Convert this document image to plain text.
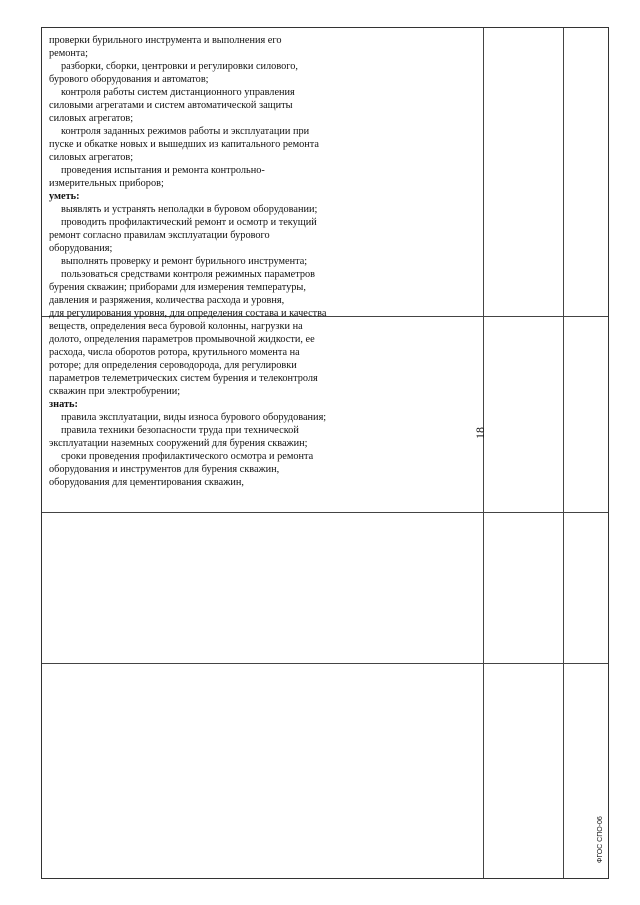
18
проверки бурильного инструмента и выполнения его
ремонта;
разборки, сборки, центровки и регулировки силового,
бурового оборудования и автоматов;
контроля работы систем дистанционного управления
силовыми агрегатами и систем автоматической защиты
силовых агрегатов;
контроля заданных режимов работы и эксплуатации при
пуске и обкатке новых и вышедших из капитального ремонта
силовых агрегатов;
проведения испытания и ремонта контрольно-
измерительных приборов;
уметь:
выявлять и устранять неполадки в буровом оборудовании;
проводить профилактический ремонт и осмотр и текущий
ремонт согласно правилам эксплуатации бурового
оборудования;
выполнять проверку и ремонт бурильного инструмента;
пользоваться средствами контроля режимных параметров
бурения скважин; приборами для измерения температуры,
давления и разряжения, количества расхода и уровня,
для регулирования уровня, для определения состава и качества
веществ, определения веса буровой колонны, нагрузки на
долото, определения параметров промывочной жидкости, ее
расхода, числа оборотов ротора, крутильного момента на
роторе; для определения сероводорода, для регулировки
параметров телеметрических систем бурения и телеконтроля
скважин при электробурении;
знать:
правила эксплуатации, виды износа бурового оборудования;
правила техники безопасности труда при технической
эксплуатации наземных сооружений для бурения скважин;
сроки проведения профилактического осмотра и ремонта
оборудования и инструментов для бурения скважин,
оборудования для цементирования скважин,
ФГОС СПО-06
